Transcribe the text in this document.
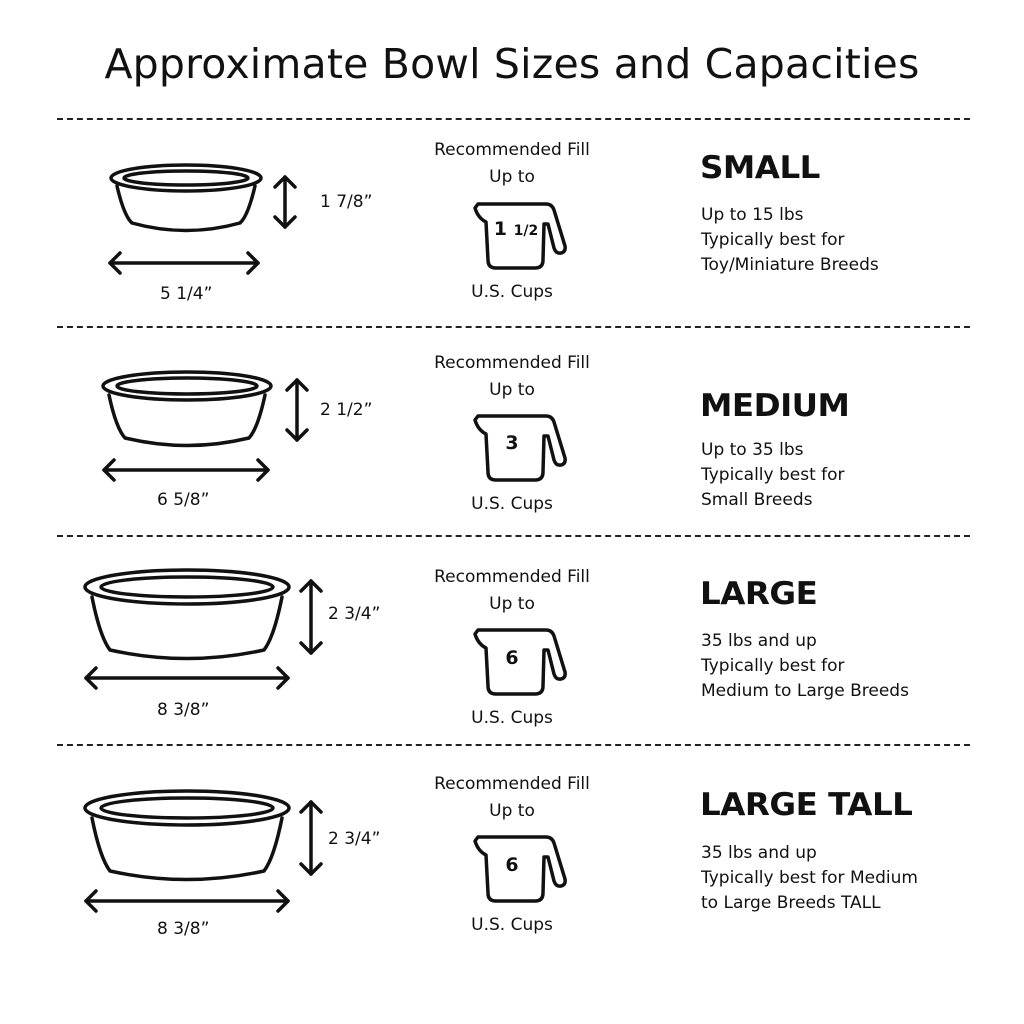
Approximate Bowl Sizes and Capacities
1 7/8”
5 1/4”
Recommended Fill
Up to
1 1/2
U.S. Cups
SMALL
Up to 15 lbs
Typically best for
Toy/Miniature Breeds
2 1/2”
6 5/8”
Recommended Fill
Up to
3
U.S. Cups
MEDIUM
Up to 35 lbs
Typically best for
Small Breeds
2 3/4”
8 3/8”
Recommended Fill
Up to
6
U.S. Cups
LARGE
35 lbs and up
Typically best for
Medium to Large Breeds
2 3/4”
8 3/8”
Recommended Fill
Up to
6
U.S. Cups
LARGE TALL
35 lbs and up
Typically best for Medium
to Large Breeds TALL
